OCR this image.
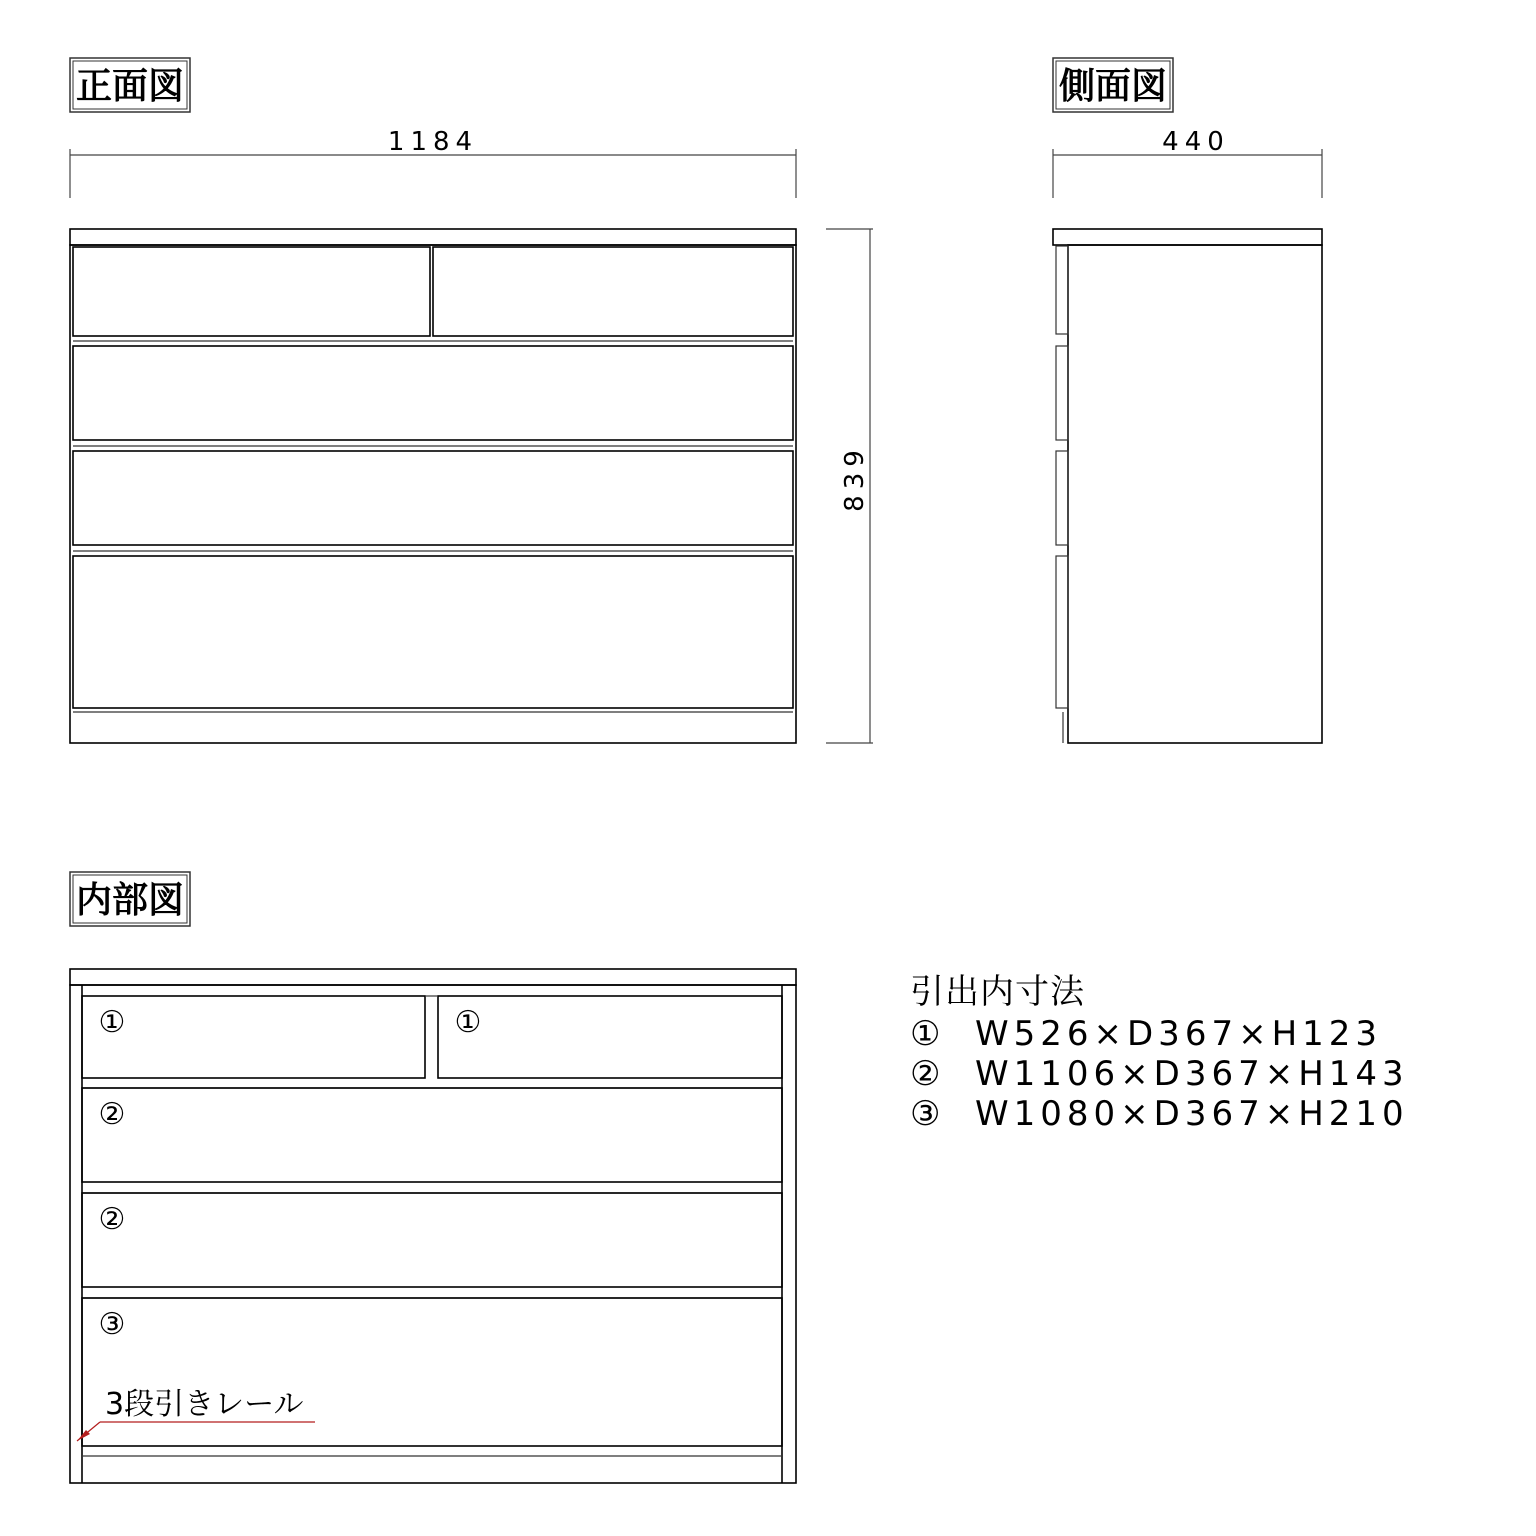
正面図
1184
839
側面図
440
内部図
①	①
②
②
③
3段引きレール
引出内寸法
① W526×D367×H123
② W1106×D367×H143
③ W1080×D367×H210
